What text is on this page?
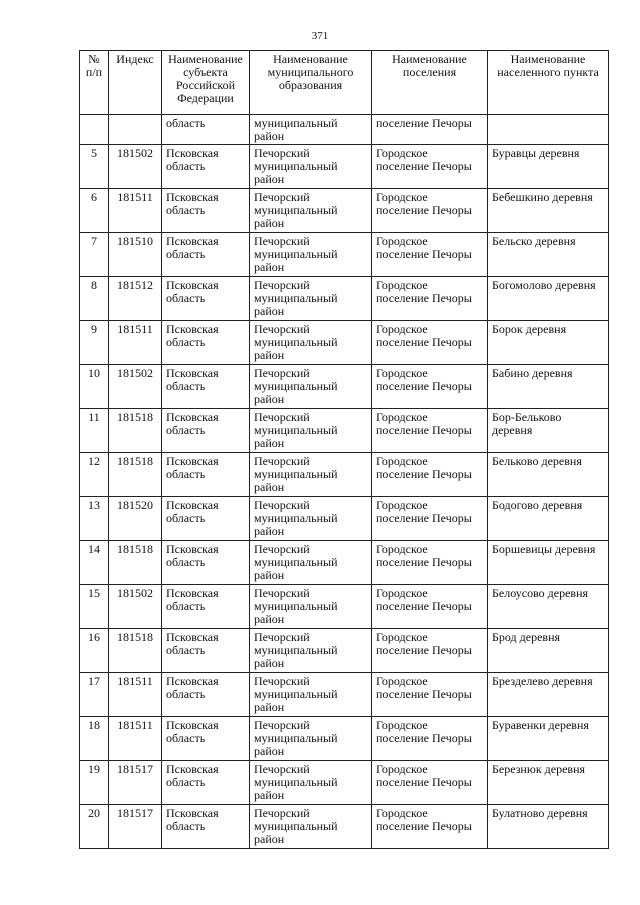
371
№ п/п	Индекс	Наименование субъекта Российской Федерации	Наименование муниципального образования	Наименование поселения	Наименование населенного пункта
		область	муниципальный район	поселение Печоры	
5	181502	Псковская область	Печорский муниципальный район	Городское поселение Печоры	Буравцы деревня
6	181511	Псковская область	Печорский муниципальный район	Городское поселение Печоры	Бебешкино деревня
7	181510	Псковская область	Печорский муниципальный район	Городское поселение Печоры	Бельско деревня
8	181512	Псковская область	Печорский муниципальный район	Городское поселение Печоры	Богомолово деревня
9	181511	Псковская область	Печорский муниципальный район	Городское поселение Печоры	Борок деревня
10	181502	Псковская область	Печорский муниципальный район	Городское поселение Печоры	Бабино деревня
11	181518	Псковская область	Печорский муниципальный район	Городское поселение Печоры	Бор-Бельково деревня
12	181518	Псковская область	Печорский муниципальный район	Городское поселение Печоры	Бельково деревня
13	181520	Псковская область	Печорский муниципальный район	Городское поселение Печоры	Бодогово деревня
14	181518	Псковская область	Печорский муниципальный район	Городское поселение Печоры	Боршевицы деревня
15	181502	Псковская область	Печорский муниципальный район	Городское поселение Печоры	Белоусово деревня
16	181518	Псковская область	Печорский муниципальный район	Городское поселение Печоры	Брод деревня
17	181511	Псковская область	Печорский муниципальный район	Городское поселение Печоры	Брезделево деревня
18	181511	Псковская область	Печорский муниципальный район	Городское поселение Печоры	Буравенки деревня
19	181517	Псковская область	Печорский муниципальный район	Городское поселение Печоры	Березнюк деревня
20	181517	Псковская область	Печорский муниципальный район	Городское поселение Печоры	Булатново деревня
